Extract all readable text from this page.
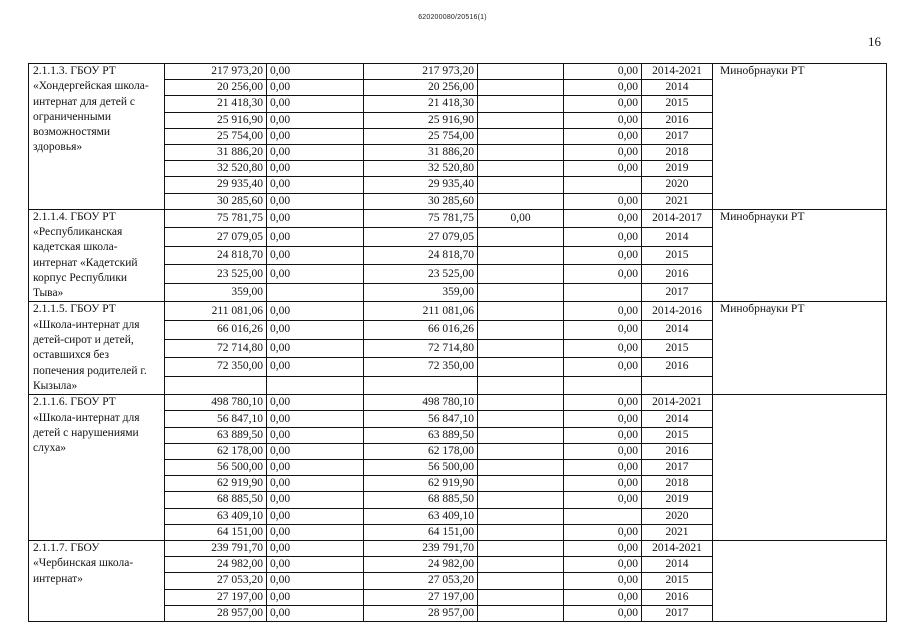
620200080/20516(1)
16
2.1.1.3. ГБОУ РТ «Хондергейская школа-интернат для детей с ограниченными возможностями здоровья»	217 973,20	0,00	217 973,20		0,00	2014-2021	Минобрнауки РТ
	20 256,00	0,00	20 256,00		0,00	2014	
	21 418,30	0,00	21 418,30		0,00	2015	
	25 916,90	0,00	25 916,90		0,00	2016	
	25 754,00	0,00	25 754,00		0,00	2017	
	31 886,20	0,00	31 886,20		0,00	2018	
	32 520,80	0,00	32 520,80		0,00	2019	
	29 935,40	0,00	29 935,40			2020	
	30 285,60	0,00	30 285,60		0,00	2021	
2.1.1.4. ГБОУ РТ «Республиканская кадетская школа-интернат «Кадетский корпус Республики Тыва»	75 781,75	0,00	75 781,75	0,00	0,00	2014-2017	Минобрнауки РТ
	27 079,05	0,00	27 079,05		0,00	2014	
	24 818,70	0,00	24 818,70		0,00	2015	
	23 525,00	0,00	23 525,00		0,00	2016	
	359,00		359,00			2017	
2.1.1.5. ГБОУ РТ «Школа-интернат для детей-сирот и детей, оставшихся без попечения родителей г. Кызыла»	211 081,06	0,00	211 081,06		0,00	2014-2016	Минобрнауки РТ
	66 016,26	0,00	66 016,26		0,00	2014	
	72 714,80	0,00	72 714,80		0,00	2015	
	72 350,00	0,00	72 350,00		0,00	2016	

2.1.1.6. ГБОУ РТ «Школа-интернат для детей с нарушениями слуха»	498 780,10	0,00	498 780,10		0,00	2014-2021	
	56 847,10	0,00	56 847,10		0,00	2014	
	63 889,50	0,00	63 889,50		0,00	2015	
	62 178,00	0,00	62 178,00		0,00	2016	
	56 500,00	0,00	56 500,00		0,00	2017	
	62 919,90	0,00	62 919,90		0,00	2018	
	68 885,50	0,00	68 885,50		0,00	2019	
	63 409,10	0,00	63 409,10			2020	
	64 151,00	0,00	64 151,00		0,00	2021	
2.1.1.7. ГБОУ «Чербинская школа-интернат»	239 791,70	0,00	239 791,70		0,00	2014-2021	
	24 982,00	0,00	24 982,00		0,00	2014	
	27 053,20	0,00	27 053,20		0,00	2015	
	27 197,00	0,00	27 197,00		0,00	2016	
	28 957,00	0,00	28 957,00		0,00	2017	
